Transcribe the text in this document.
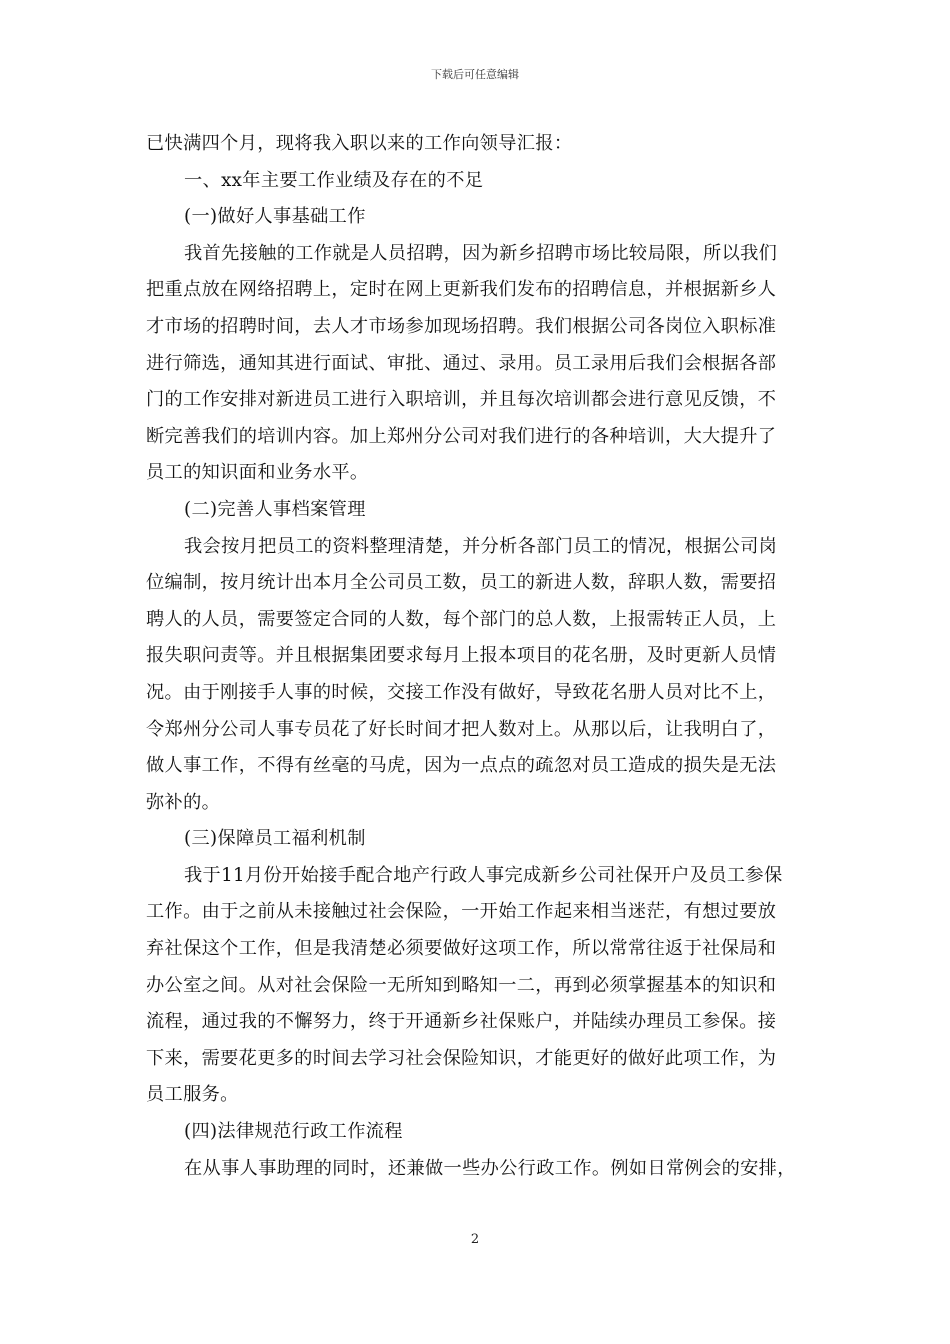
下载后可任意编辑
已快满四个月，现将我入职以来的工作向领导汇报：
一、xx年主要工作业绩及存在的不足
(一)做好人事基础工作
我首先接触的工作就是人员招聘，因为新乡招聘市场比较局限，所以我们
把重点放在网络招聘上，定时在网上更新我们发布的招聘信息，并根据新乡人
才市场的招聘时间，去人才市场参加现场招聘。我们根据公司各岗位入职标准
进行筛选，通知其进行面试、审批、通过、录用。员工录用后我们会根据各部
门的工作安排对新进员工进行入职培训，并且每次培训都会进行意见反馈，不
断完善我们的培训内容。加上郑州分公司对我们进行的各种培训，大大提升了
员工的知识面和业务水平。
(二)完善人事档案管理
我会按月把员工的资料整理清楚，并分析各部门员工的情况，根据公司岗
位编制，按月统计出本月全公司员工数，员工的新进人数，辞职人数，需要招
聘人的人员，需要签定合同的人数，每个部门的总人数，上报需转正人员，上
报失职问责等。并且根据集团要求每月上报本项目的花名册，及时更新人员情
况。由于刚接手人事的时候，交接工作没有做好，导致花名册人员对比不上，
令郑州分公司人事专员花了好长时间才把人数对上。从那以后，让我明白了，
做人事工作，不得有丝毫的马虎，因为一点点的疏忽对员工造成的损失是无法
弥补的。
(三)保障员工福利机制
我于11月份开始接手配合地产行政人事完成新乡公司社保开户及员工参保
工作。由于之前从未接触过社会保险，一开始工作起来相当迷茫，有想过要放
弃社保这个工作，但是我清楚必须要做好这项工作，所以常常往返于社保局和
办公室之间。从对社会保险一无所知到略知一二，再到必须掌握基本的知识和
流程，通过我的不懈努力，终于开通新乡社保账户，并陆续办理员工参保。接
下来，需要花更多的时间去学习社会保险知识，才能更好的做好此项工作，为
员工服务。
(四)法律规范行政工作流程
在从事人事助理的同时，还兼做一些办公行政工作。例如日常例会的安排，
2
